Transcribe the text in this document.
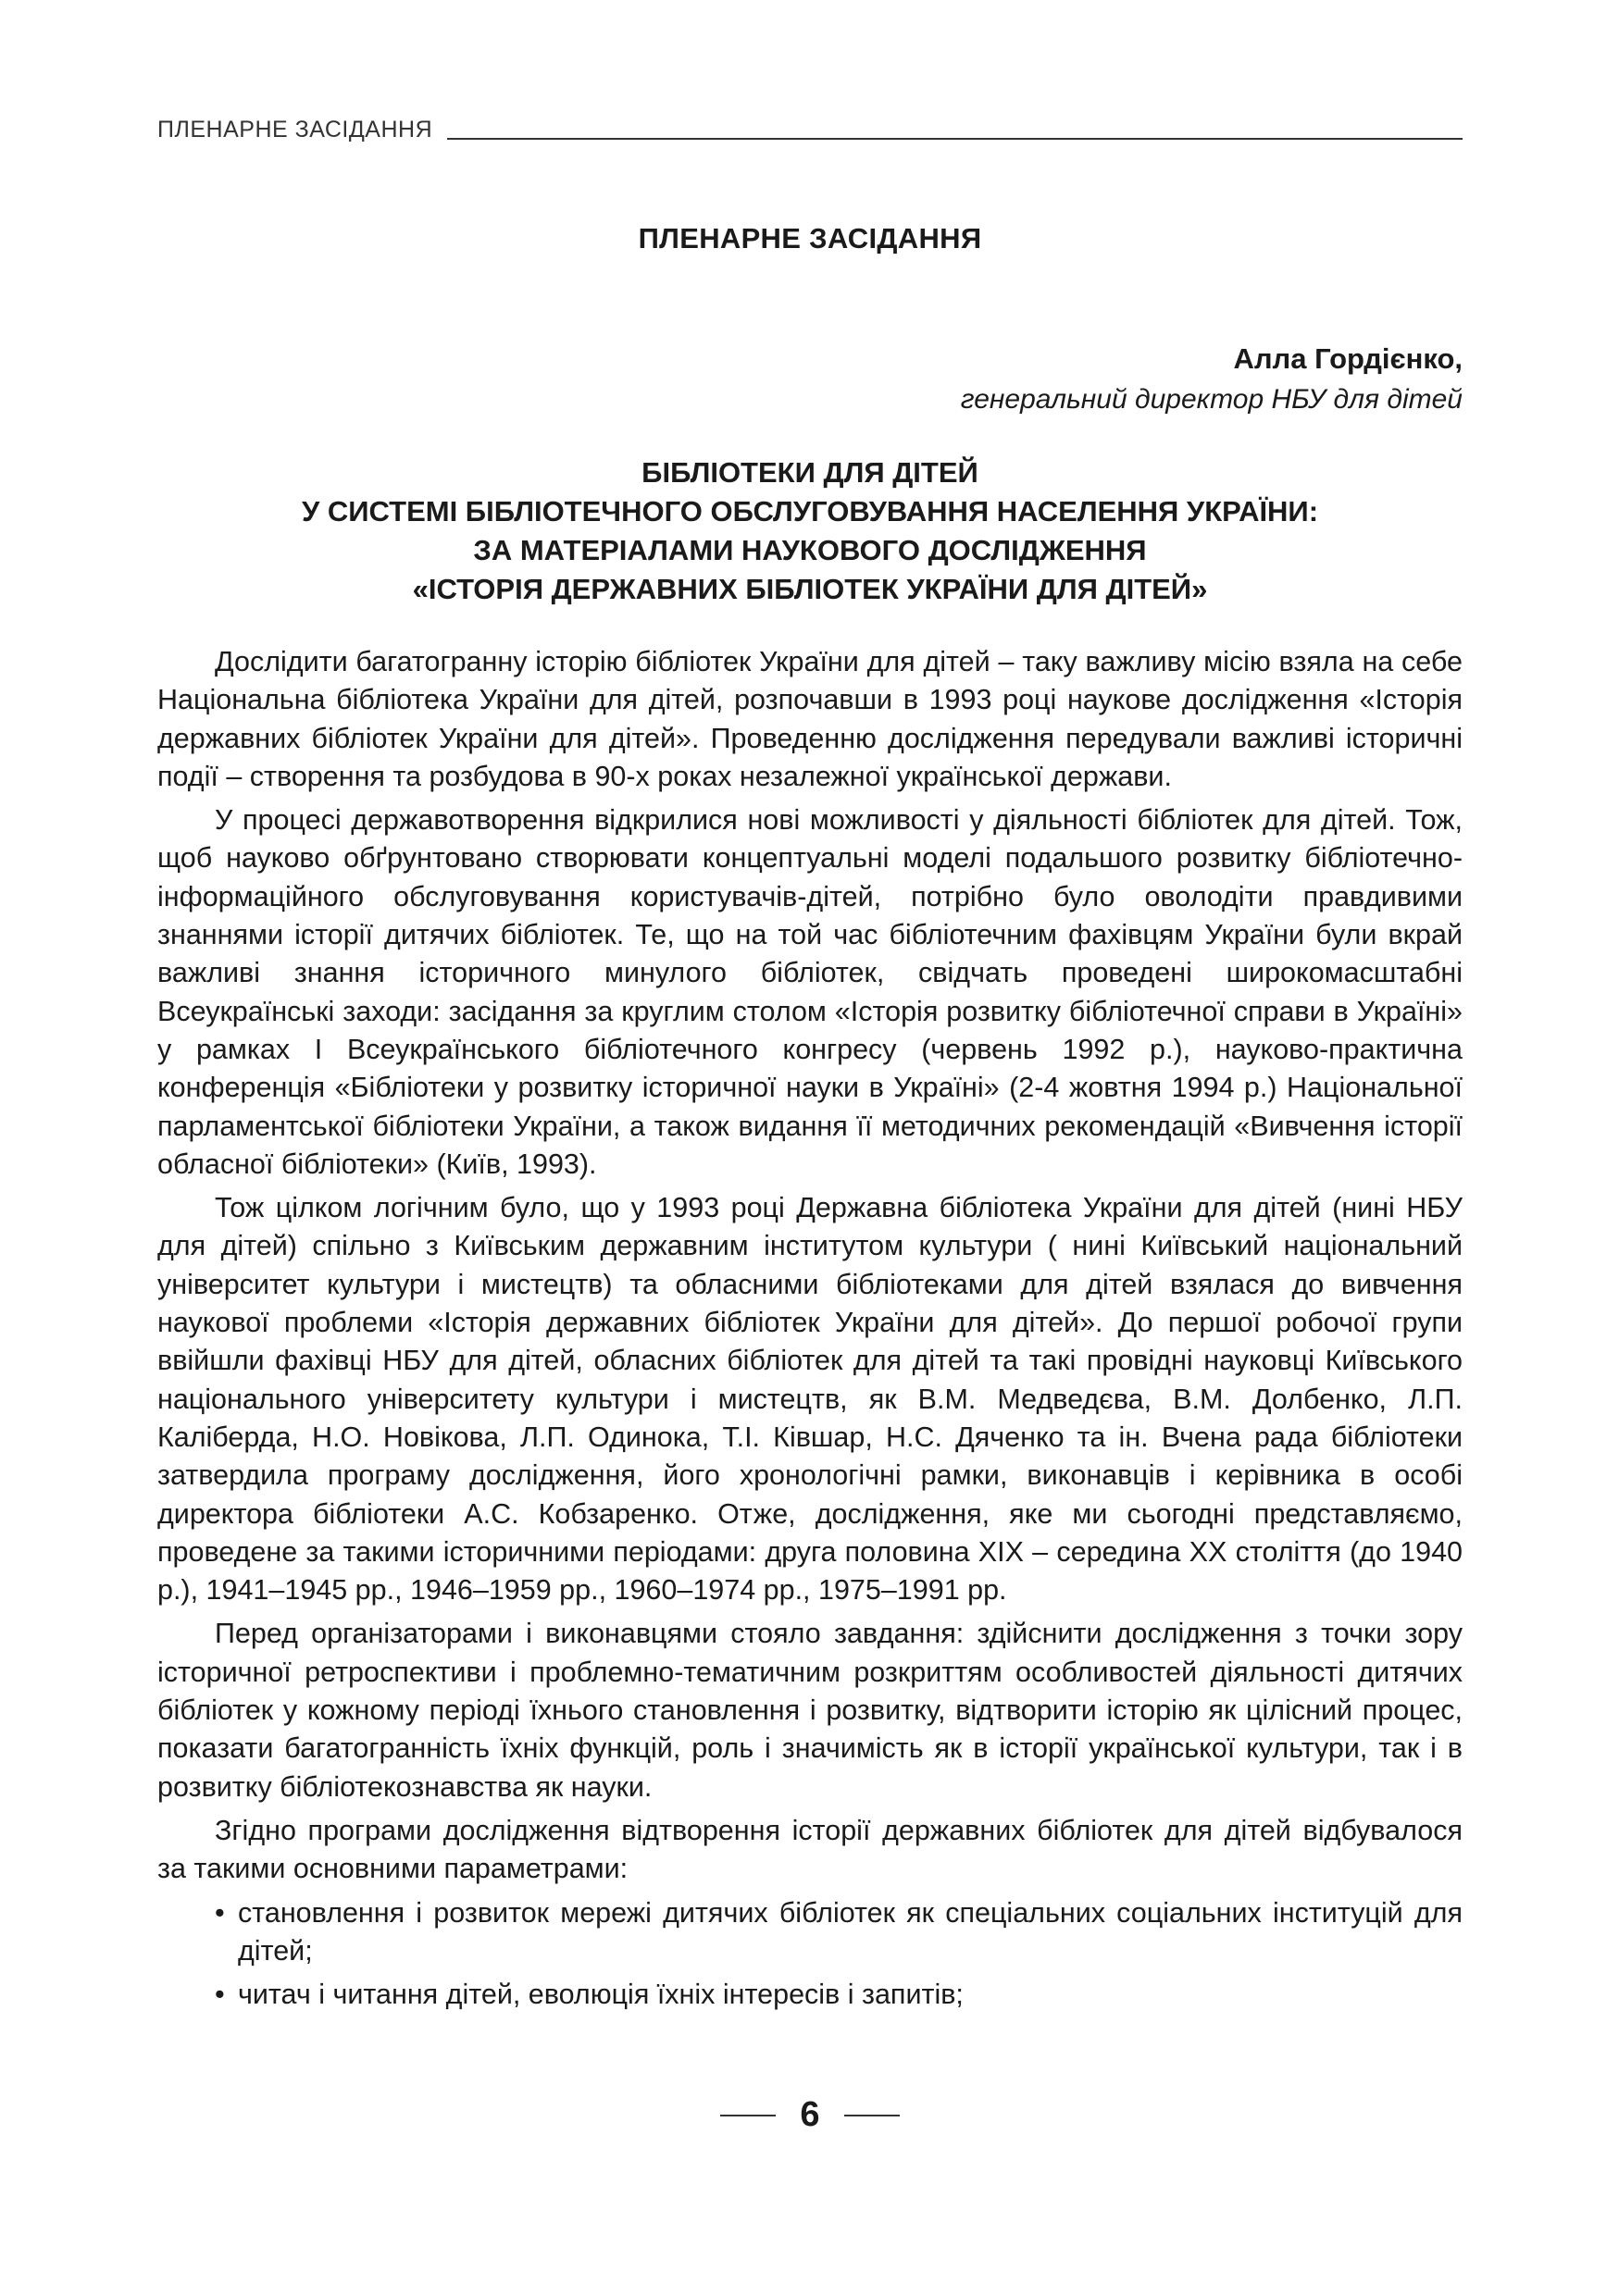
ПЛЕНАРНЕ ЗАСІДАННЯ
ПЛЕНАРНЕ ЗАСІДАННЯ
Алла Гордієнко,
генеральний директор НБУ для дітей
БІБЛІОТЕКИ ДЛЯ ДІТЕЙ
У СИСТЕМІ БІБЛІОТЕЧНОГО ОБСЛУГОВУВАННЯ НАСЕЛЕННЯ УКРАЇНИ:
ЗА МАТЕРІАЛАМИ НАУКОВОГО ДОСЛІДЖЕННЯ
«ІСТОРІЯ ДЕРЖАВНИХ БІБЛІОТЕК УКРАЇНИ ДЛЯ ДІТЕЙ»

Дослідити багатогранну історію бібліотек України для дітей – таку важливу місію взяла на себе Національна бібліотека України для дітей, розпочавши в 1993 році наукове дослідження «Історія державних бібліотек України для дітей». Проведенню дослідження передували важливі історичні події – створення та розбудова в 90-х роках незалежної української держави.

У процесі державотворення відкрилися нові можливості у діяльності бібліотек для дітей. Тож, щоб науково обґрунтовано створювати концептуальні моделі подальшого розвитку бібліотечно-інформаційного обслуговування користувачів-дітей, потрібно було оволодіти правдивими знаннями історії дитячих бібліотек. Те, що на той час бібліотечним фахівцям України були вкрай важливі знання історичного минулого бібліотек, свідчать проведені широкомасштабні Всеукраїнські заходи: засідання за круглим столом «Історія розвитку бібліотечної справи в Україні» у рамках І Всеукраїнського бібліотечного конгресу (червень 1992 р.), науково-практична конференція «Бібліотеки у розвитку історичної науки в Україні» (2-4 жовтня 1994 р.) Національної парламентської бібліотеки України, а також видання її методичних рекомендацій «Вивчення історії обласної бібліотеки» (Київ, 1993).

Тож цілком логічним було, що у 1993 році Державна бібліотека України для дітей (нині НБУ для дітей) спільно з Київським державним інститутом культури ( нині Київський національний університет культури і мистецтв) та обласними бібліотеками для дітей взялася до вивчення наукової проблеми «Історія державних бібліотек України для дітей». До першої робочої групи ввійшли фахівці НБУ для дітей, обласних бібліотек для дітей та такі провідні науковці Київського національного університету культури і мистецтв, як В.М. Медведєва, В.М. Долбенко, Л.П. Каліберда, Н.О. Новікова, Л.П. Одинока, Т.І. Ківшар, Н.С. Дяченко та ін. Вчена рада бібліотеки затвердила програму дослідження, його хронологічні рамки, виконавців і керівника в особі директора бібліотеки А.С. Кобзаренко. Отже, дослідження, яке ми сьогодні представляємо, проведене за такими історичними періодами: друга половина XIX – середина XX століття (до 1940 р.), 1941–1945 рр., 1946–1959 рр., 1960–1974 рр., 1975–1991 рр.

Перед організаторами і виконавцями стояло завдання: здійснити дослідження з точки зору історичної ретроспективи і проблемно-тематичним розкриттям особливостей діяльності дитячих бібліотек у кожному періоді їхнього становлення і розвитку, відтворити історію як цілісний процес, показати багатогранність їхніх функцій, роль і значимість як в історії української культури, так і в розвитку бібліотекознавства як науки.

Згідно програми дослідження відтворення історії державних бібліотек для дітей відбувалося за такими основними параметрами:

• становлення і розвиток мережі дитячих бібліотек як спеціальних соціальних інституцій для дітей;
• читач і читання дітей, еволюція їхніх інтересів і запитів;
6
